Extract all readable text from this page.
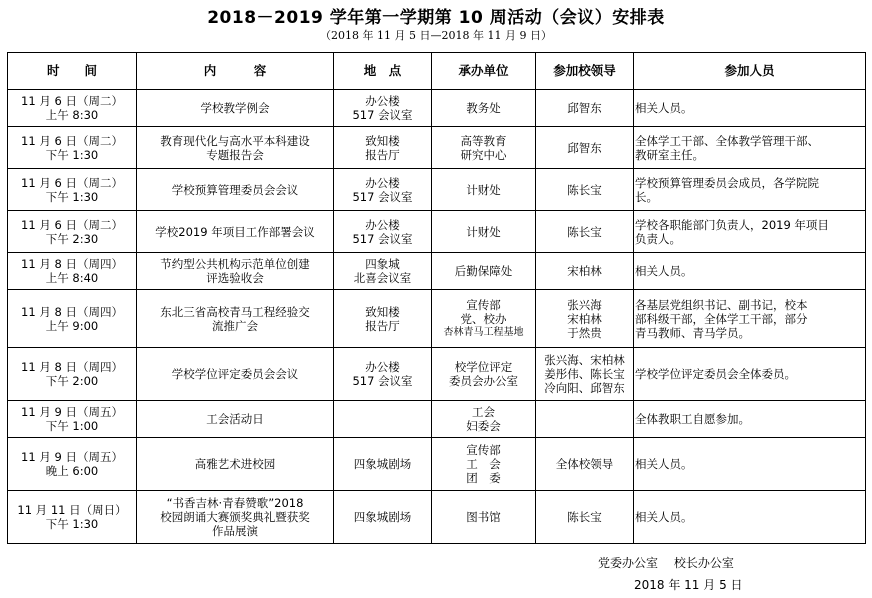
2018－2019 学年第一学期第 10 周活动（会议）安排表
（2018 年 11 月 5 日—2018 年 11 月 9 日）
时　　间	内　　　容	地　点	承办单位	参加校领导	参加人员

11 月 6 日（周二）
上午 8:30	学校教学例会	办公楼
517 会议室	教务处	邱智东	相关人员。

11 月 6 日（周二）
下午 1:30	教育现代化与高水平本科建设
专题报告会	致知楼
报告厅	高等教育
研究中心	邱智东	全体学工干部、全体教学管理干部、
教研室主任。

11 月 6 日（周二）
下午 1:30	学校预算管理委员会会议	办公楼
517 会议室	计财处	陈长宝	学校预算管理委员会成员，各学院院
长。

11 月 6 日（周二）
下午 2:30	学校2019 年项目工作部署会议	办公楼
517 会议室	计财处	陈长宝	学校各职能部门负责人，2019 年项目
负责人。

11 月 8 日（周四）
上午 8:40	节约型公共机构示范单位创建
评选验收会	四象城
北喜会议室	后勤保障处	宋柏林	相关人员。

11 月 8 日（周四）
上午 9:00	东北三省高校青马工程经验交
流推广会	致知楼
报告厅	宣传部
党、校办
杏林青马工程基地	张兴海
宋柏林
于然贵	各基层党组织书记、副书记，校本
部科级干部，全体学工干部，部分
青马教师、青马学员。

11 月 8 日（周四）
下午 2:00	学校学位评定委员会会议	办公楼
517 会议室	校学位评定
委员会办公室	张兴海、宋柏林
姜彤伟、陈长宝
冷向阳、邱智东	学校学位评定委员会全体委员。

11 月 9 日（周五）
下午 1:00	工会活动日		工会
妇委会		全体教职工自愿参加。

11 月 9 日（周五）
晚上 6:00	高雅艺术进校园	四象城剧场	宣传部
工　会
团　委	全体校领导	相关人员。

11 月 11 日（周日）
下午 1:30	“书香吉林·青春赞歌”2018
校园朗诵大赛颁奖典礼暨获奖
作品展演	四象城剧场	图书馆	陈长宝	相关人员。
党委办公室　 校长办公室
2018 年 11 月 5 日
